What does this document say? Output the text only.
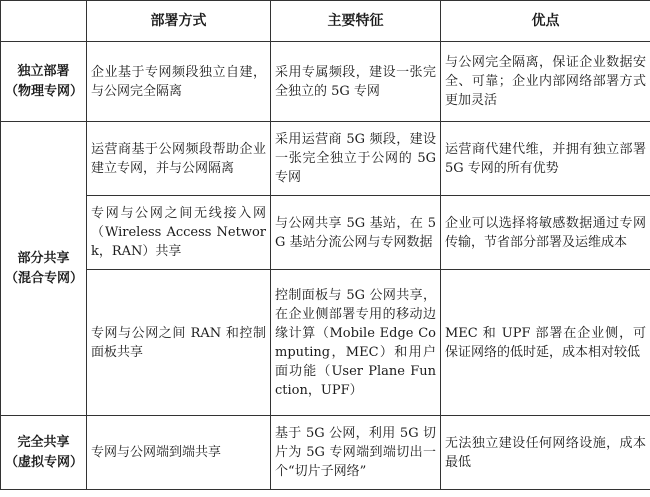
	部署方式	主要特征	优点

独立部署
（物理专网）	企业基于专网频段独立自建，与公网完全隔离	采用专属频段，建设一张完全独立的 5G 专网	与公网完全隔离，保证企业数据安全、可靠；企业内部网络部署方式更加灵活

部分共享
（混合专网）	运营商基于公网频段帮助企业建立专网，并与公网隔离	采用运营商 5G 频段，建设一张完全独立于公网的 5G 专网	运营商代建代维，并拥有独立部署 5G 专网的所有优势
	专网与公网之间无线接入网（Wireless Access Network，RAN）共享	与公网共享 5G 基站，在 5G 基站分流公网与专网数据	企业可以选择将敏感数据通过专网传输，节省部分部署及运维成本
	专网与公网之间 RAN 和控制面板共享	控制面板与 5G 公网共享，在企业侧部署专用的移动边缘计算（Mobile Edge Computing，MEC）和用户面功能（User Plane Function，UPF）	MEC 和 UPF 部署在企业侧，可保证网络的低时延，成本相对较低

完全共享
（虚拟专网）	专网与公网端到端共享	基于 5G 公网，利用 5G 切片为 5G 专网端到端切出一个“切片子网络”	无法独立建设任何网络设施，成本最低
